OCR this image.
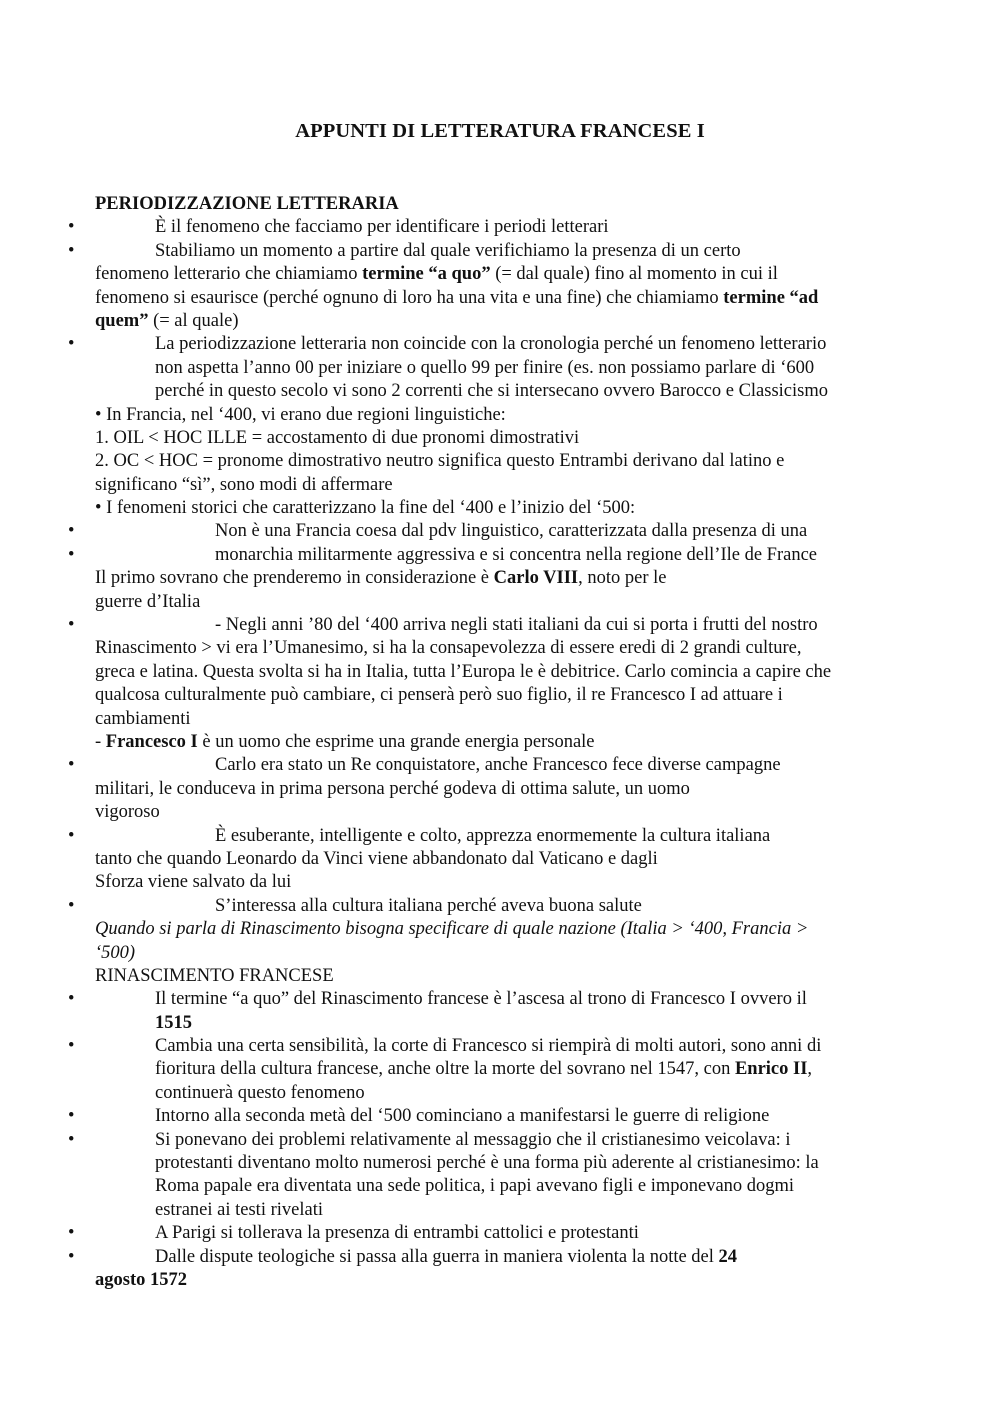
APPUNTI DI LETTERATURA FRANCESE I
PERIODIZZAZIONE LETTERARIA
•	È il fenomeno che facciamo per identificare i periodi letterari
•	Stabiliamo un momento a partire dal quale verifichiamo la presenza di un certo
fenomeno letterario che chiamiamo termine “a quo” (= dal quale) fino al momento in cui il
fenomeno si esaurisce (perché ognuno di loro ha una vita e una fine) che chiamiamo termine “ad
quem” (= al quale)
•	La periodizzazione letteraria non coincide con la cronologia perché un fenomeno letterario
non aspetta l’anno 00 per iniziare o quello 99 per finire (es. non possiamo parlare di ‘600
perché in questo secolo vi sono 2 correnti che si intersecano ovvero Barocco e Classicismo
• In Francia, nel ‘400, vi erano due regioni linguistiche:
1. OIL < HOC ILLE = accostamento di due pronomi dimostrativi
2. OC < HOC = pronome dimostrativo neutro significa questo Entrambi derivano dal latino e
significano “sì”, sono modi di affermare
• I fenomeni storici che caratterizzano la fine del ‘400 e l’inizio del ‘500:
•	Non è una Francia coesa dal pdv linguistico, caratterizzata dalla presenza di una
•	monarchia militarmente aggressiva e si concentra nella regione dell’Ile de France
Il primo sovrano che prenderemo in considerazione è Carlo VIII, noto per le
guerre d’Italia
•	- Negli anni ’80 del ‘400 arriva negli stati italiani da cui si porta i frutti del nostro
Rinascimento > vi era l’Umanesimo, si ha la consapevolezza di essere eredi di 2 grandi culture,
greca e latina. Questa svolta si ha in Italia, tutta l’Europa le è debitrice. Carlo comincia a capire che
qualcosa culturalmente può cambiare, ci penserà però suo figlio, il re Francesco I ad attuare i
cambiamenti
- Francesco I è un uomo che esprime una grande energia personale
•	Carlo era stato un Re conquistatore, anche Francesco fece diverse campagne
militari, le conduceva in prima persona perché godeva di ottima salute, un uomo
vigoroso
•	È esuberante, intelligente e colto, apprezza enormemente la cultura italiana
tanto che quando Leonardo da Vinci viene abbandonato dal Vaticano e dagli
Sforza viene salvato da lui
•	S’interessa alla cultura italiana perché aveva buona salute
Quando si parla di Rinascimento bisogna specificare di quale nazione (Italia > ‘400, Francia >
‘500)
RINASCIMENTO FRANCESE
•	Il termine “a quo” del Rinascimento francese è l’ascesa al trono di Francesco I ovvero il
1515
•	Cambia una certa sensibilità, la corte di Francesco si riempirà di molti autori, sono anni di
fioritura della cultura francese, anche oltre la morte del sovrano nel 1547, con Enrico II,
continuerà questo fenomeno
•	Intorno alla seconda metà del ‘500 cominciano a manifestarsi le guerre di religione
•	Si ponevano dei problemi relativamente al messaggio che il cristianesimo veicolava: i
protestanti diventano molto numerosi perché è una forma più aderente al cristianesimo: la
Roma papale era diventata una sede politica, i papi avevano figli e imponevano dogmi
estranei ai testi rivelati
•	A Parigi si tollerava la presenza di entrambi cattolici e protestanti
•	Dalle dispute teologiche si passa alla guerra in maniera violenta la notte del 24
agosto 1572
